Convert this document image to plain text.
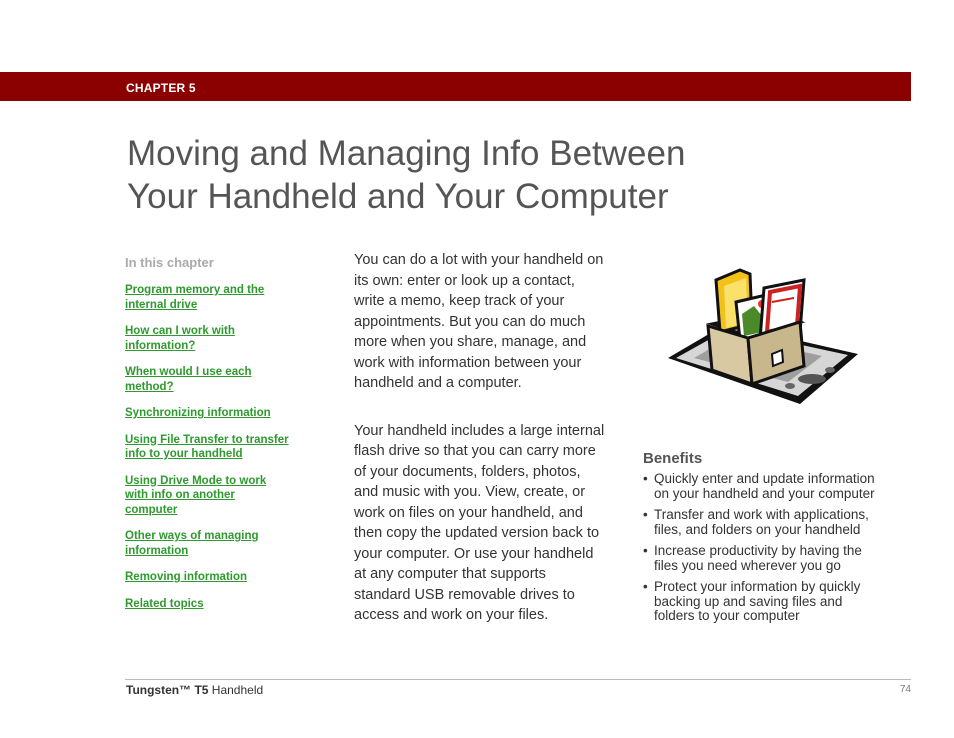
CHAPTER 5
Moving and Managing Info Between
Your Handheld and Your Computer
In this chapter
Program memory and the
internal drive
How can I work with
information?
When would I use each
method?
Synchronizing information
Using File Transfer to transfer
info to your handheld
Using Drive Mode to work
with info on another
computer
Other ways of managing
information
Removing information
Related topics

You can do a lot with your handheld on
its own: enter or look up a contact,
write a memo, keep track of your
appointments. But you can do much
more when you share, manage, and
work with information between your
handheld and a computer.

Your handheld includes a large internal
flash drive so that you can carry more
of your documents, folders, photos,
and music with you. View, create, or
work on files on your handheld, and
then copy the updated version back to
your computer. Or use your handheld
at any computer that supports
standard USB removable drives to
access and work on your files.

Benefits
• Quickly enter and update information
on your handheld and your computer
• Transfer and work with applications,
files, and folders on your handheld
• Increase productivity by having the
files you need wherever you go
• Protect your information by quickly
backing up and saving files and
folders to your computer
Tungsten™ T5 Handheld	74
